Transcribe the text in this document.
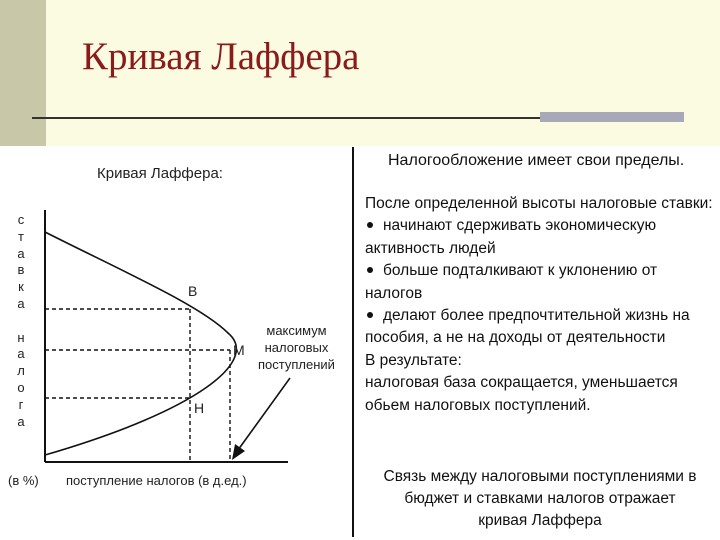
Кривая Лаффера
Кривая Лаффера:
с
т
а
в
к
а

н
а
л
о
г
а
(в %) поступление налогов (в д.ед.)
В
М
Н
максимум
налоговых
поступлений
Налогообложение имеет свои пределы.

После определенной высоты налоговые ставки:

начинают сдерживать экономическую активность людей

больше подталкивают к уклонению от налогов

делают более предпочтительной жизнь на пособия, а не на доходы от деятельности

В результате:

налоговая база сокращается, уменьшается обьем налоговых поступлений.

Связь между налоговыми поступлениями в
бюджет и ставками налогов отражает
кривая Лаффера
